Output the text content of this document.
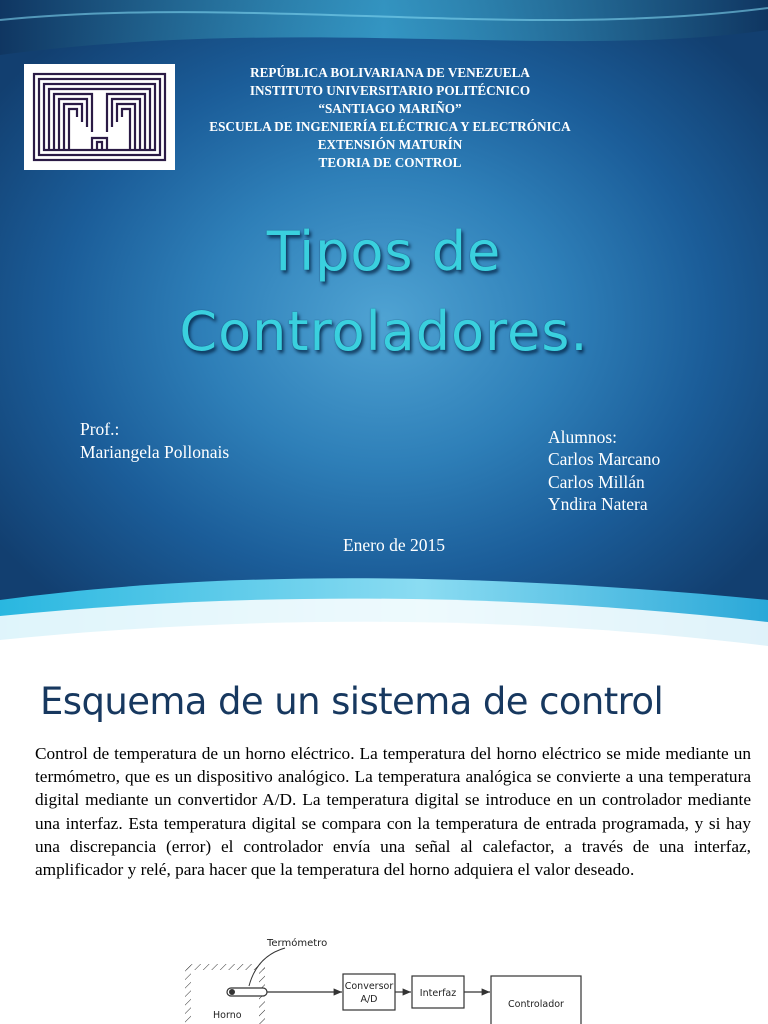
REPÚBLICA BOLIVARIANA DE VENEZUELA
INSTITUTO UNIVERSITARIO POLITÉCNICO
“SANTIAGO MARIÑO”
ESCUELA DE INGENIERÍA ELÉCTRICA Y ELECTRÓNICA
EXTENSIÓN MATURÍN
TEORIA DE CONTROL
Tipos de
Controladores.
Prof.:
Mariangela Pollonais
Alumnos:
Carlos Marcano
Carlos Millán
Yndira Natera
Enero de 2015
Esquema de un sistema de control
Control de temperatura de un horno eléctrico. La temperatura del horno eléctrico se mide mediante un termómetro, que es un dispositivo analógico. La temperatura analógica se convierte a una temperatura digital mediante un convertidor A/D. La temperatura digital se introduce en un controlador mediante una interfaz. Esta temperatura digital se compara con la temperatura de entrada programada, y si hay una discrepancia (error) el controlador envía una señal al calefactor, a través de una interfaz, amplificador y relé, para hacer que la temperatura del horno adquiera el valor deseado.
Termómetro
Conversor
A/D
Interfaz
Controlador
Horno
